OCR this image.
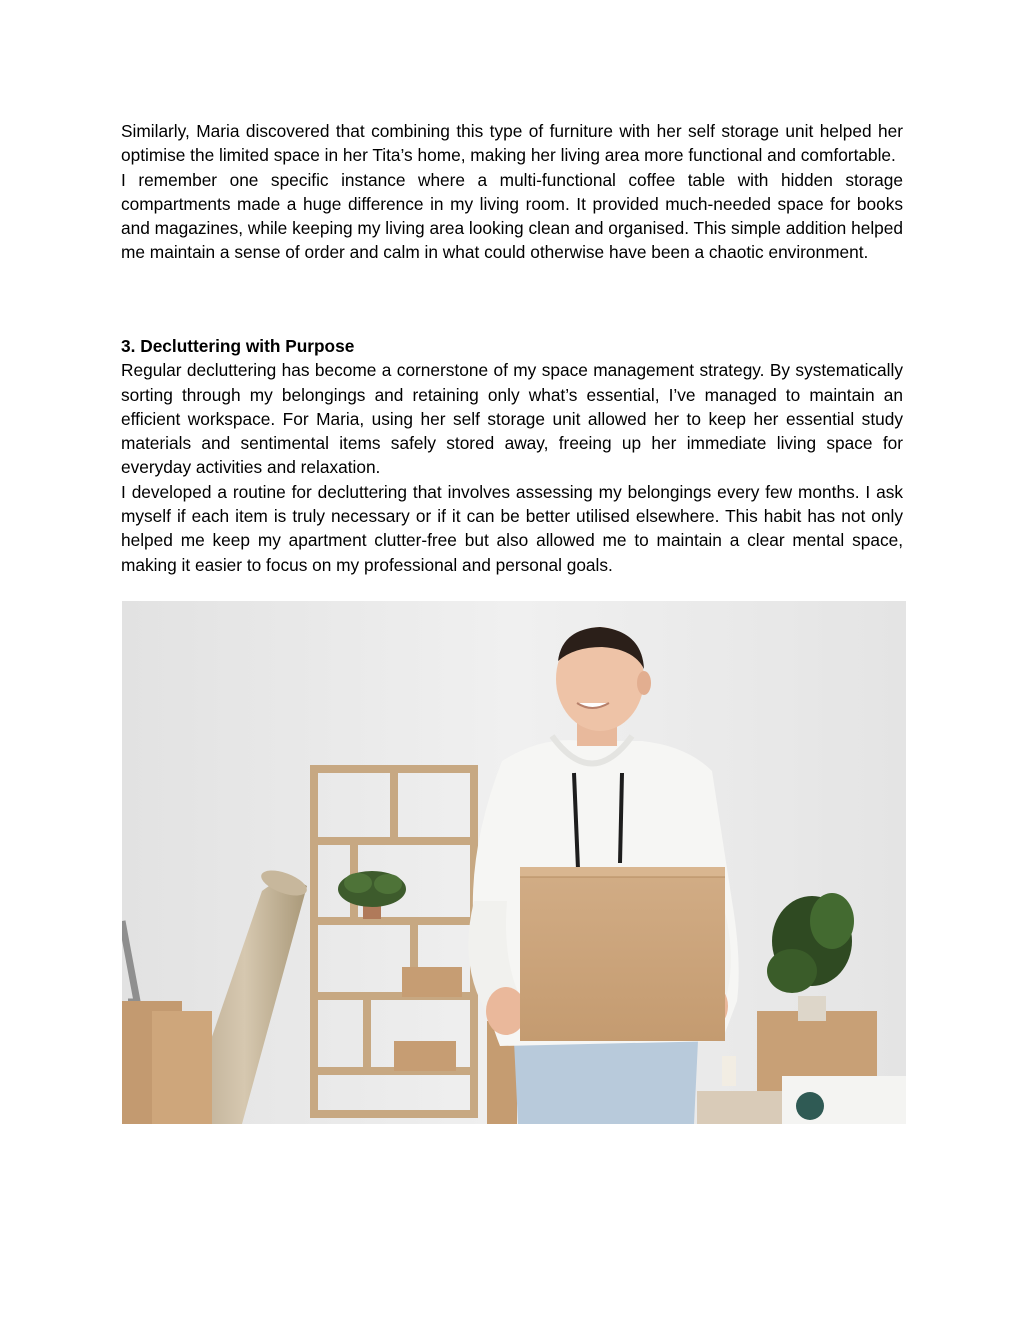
Similarly, Maria discovered that combining this type of furniture with her self storage unit helped her optimise the limited space in her Tita’s home, making her living area more functional and comfortable.

I remember one specific instance where a multi-functional coffee table with hidden storage compartments made a huge difference in my living room. It provided much-needed space for books and magazines, while keeping my living area looking clean and organised. This simple addition helped me maintain a sense of order and calm in what could otherwise have been a chaotic environment.

3. Decluttering with Purpose

Regular decluttering has become a cornerstone of my space management strategy. By systematically sorting through my belongings and retaining only what’s essential, I’ve managed to maintain an efficient workspace. For Maria, using her self storage unit allowed her to keep her essential study materials and sentimental items safely stored away, freeing up her immediate living space for everyday activities and relaxation.

I developed a routine for decluttering that involves assessing my belongings every few months. I ask myself if each item is truly necessary or if it can be better utilised elsewhere. This habit has not only helped me keep my apartment clutter-free but also allowed me to maintain a clear mental space, making it easier to focus on my professional and personal goals.
